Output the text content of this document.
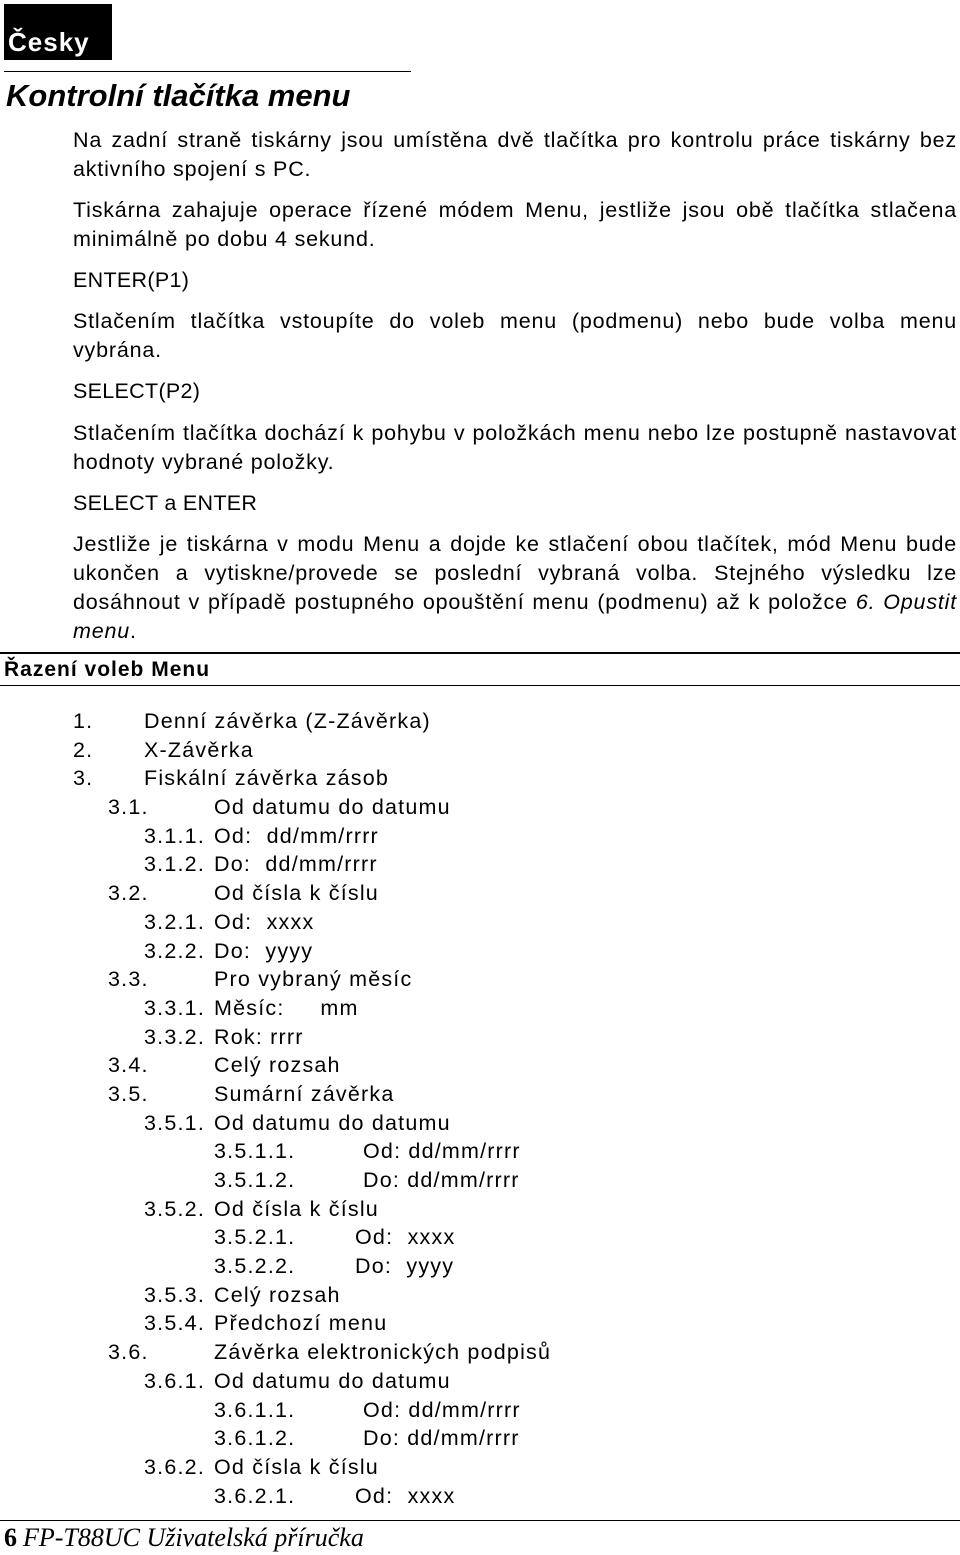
Česky
Kontrolní tlačítka menu

Na zadní straně tiskárny jsou umístěna dvě tlačítka pro kontrolu práce tiskárny bez aktivního spojení s PC.

Tiskárna zahajuje operace řízené módem Menu, jestliže jsou obě tlačítka stlačena minimálně po dobu 4 sekund.

ENTER(P1)

Stlačením tlačítka vstoupíte do voleb menu (podmenu) nebo bude volba menu vybrána.

SELECT(P2)

Stlačením tlačítka dochází k pohybu v položkách menu nebo lze postupně nastavovat hodnoty vybrané položky.

SELECT a ENTER

Jestliže je tiskárna v modu Menu a dojde ke stlačení obou tlačítek, mód Menu bude ukončen a vytiskne/provede se poslední vybraná volba. Stejného výsledku lze dosáhnout v případě postupného opouštění menu (podmenu) až k položce 6. Opustit menu.

Řazení voleb Menu
1. Denní závěrka (Z-Závěrka)
2. X-Závěrka
3. Fiskální závěrka zásob
3.1.	Od datumu do datumu
3.1.1. Od:  dd/mm/rrrr
3.1.2. Do:  dd/mm/rrrr
3.2.	Od čísla k číslu
3.2.1. Od:  xxxx
3.2.2. Do:  yyyy
3.3.	Pro vybraný měsíc
3.3.1. Měsíc:     mm
3.3.2. Rok: rrrr
3.4.	Celý rozsah
3.5.	Sumární závěrka
3.5.1. Od datumu do datumu
3.5.1.1.	Od: dd/mm/rrrr
3.5.1.2.	Do: dd/mm/rrrr
3.5.2. Od čísla k číslu
3.5.2.1.	Od:  xxxx
3.5.2.2.	Do:  yyyy
3.5.3. Celý rozsah
3.5.4. Předchozí menu
3.6.	Závěrka elektronických podpisů
3.6.1. Od datumu do datumu
3.6.1.1.	Od: dd/mm/rrrr
3.6.1.2.	Do: dd/mm/rrrr
3.6.2. Od čísla k číslu
3.6.2.1.	Od:  xxxx
6 FP-T88UC Uživatelská příručka
